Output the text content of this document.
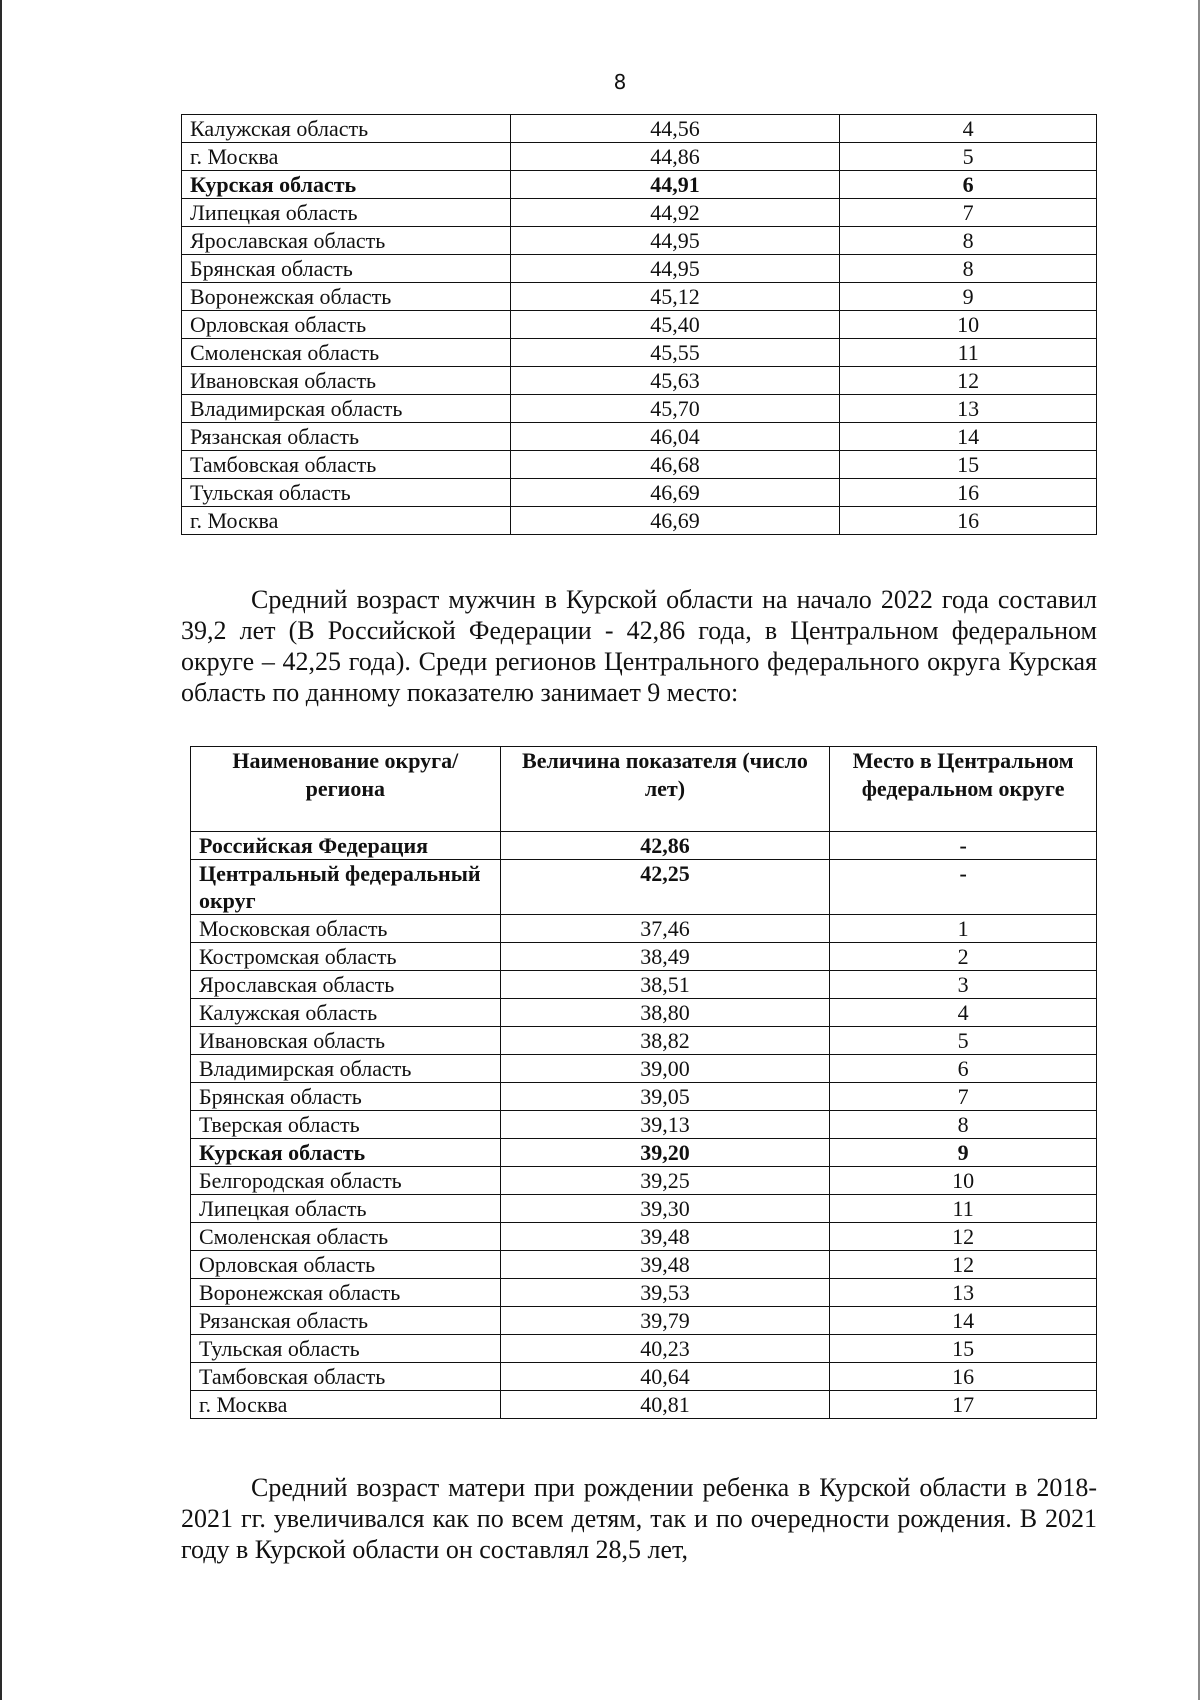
8
Калужская область	44,56	4
г. Москва	44,86	5
Курская область	44,91	6
Липецкая область	44,92	7
Ярославская область	44,95	8
Брянская область	44,95	8
Воронежская область	45,12	9
Орловская область	45,40	10
Смоленская область	45,55	11
Ивановская область	45,63	12
Владимирская область	45,70	13
Рязанская область	46,04	14
Тамбовская область	46,68	15
Тульская область	46,69	16
г. Москва	46,69	16

Средний возраст мужчин в Курской области на начало 2022 года составил 39,2 лет (В Российской Федерации - 42,86 года, в Центральном федеральном округе – 42,25 года). Среди регионов Центрального федерального округа Курская область по данному показателю занимает 9 место:

Наименование округа/региона	Величина показателя (число лет)	Место в Центральном федеральном округе
Российская Федерация	42,86	-
Центральный федеральный округ	42,25	-
Московская область	37,46	1
Костромская область	38,49	2
Ярославская область	38,51	3
Калужская область	38,80	4
Ивановская область	38,82	5
Владимирская область	39,00	6
Брянская область	39,05	7
Тверская область	39,13	8
Курская область	39,20	9
Белгородская область	39,25	10
Липецкая область	39,30	11
Смоленская область	39,48	12
Орловская область	39,48	12
Воронежская область	39,53	13
Рязанская область	39,79	14
Тульская область	40,23	15
Тамбовская область	40,64	16
г. Москва	40,81	17

Средний возраст матери при рождении ребенка в Курской области в 2018-2021 гг. увеличивался как по всем детям, так и по очередности рождения. В 2021 году в Курской области он составлял 28,5 лет,
